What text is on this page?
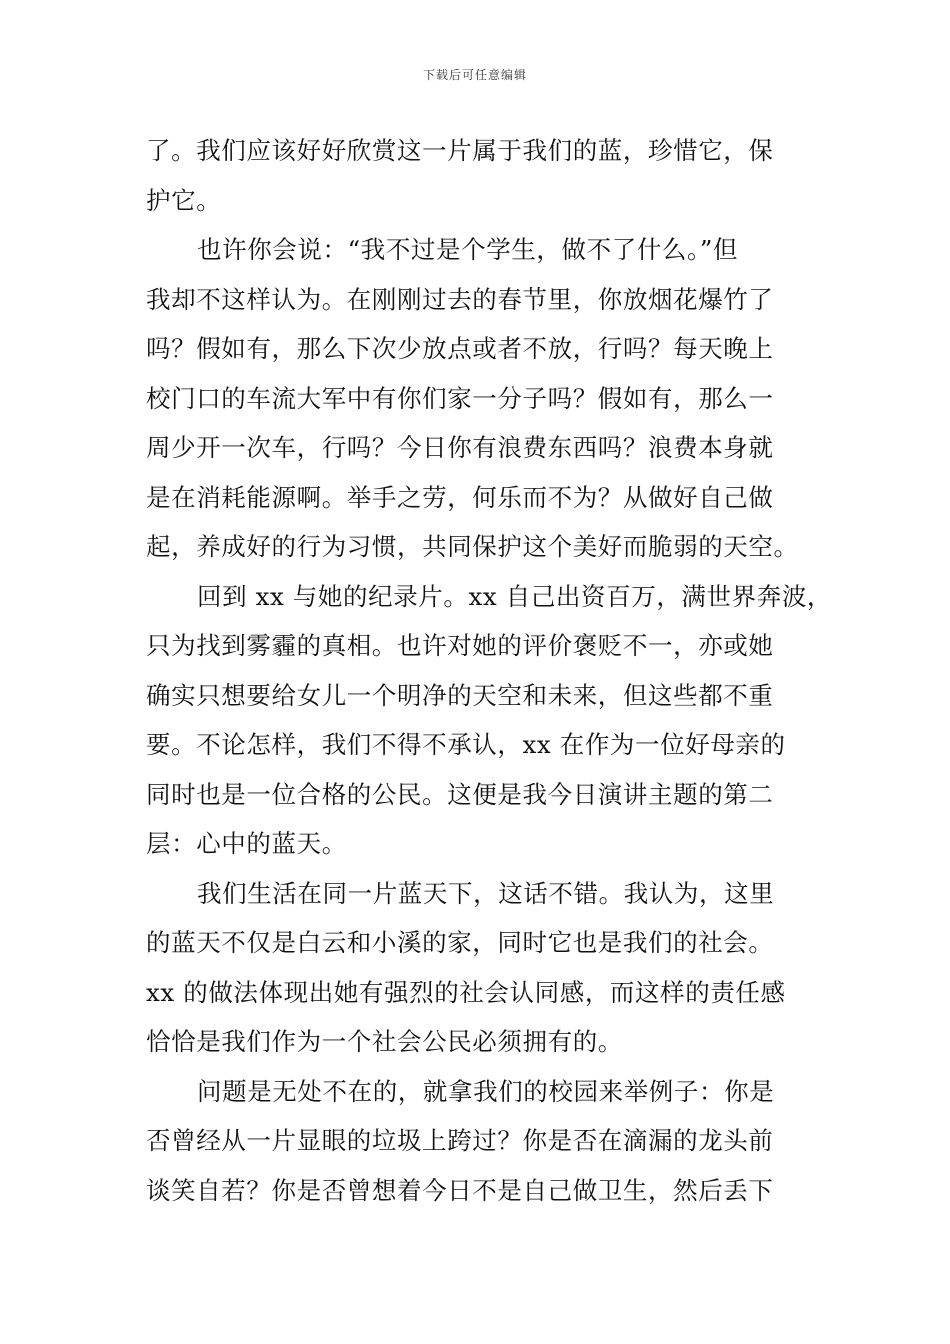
下载后可任意编辑
了。我们应该好好欣赏这一片属于我们的蓝，珍惜它，保
护它。
也许你会说：“我不过是个学生，做不了什么。”但
我却不这样认为。在刚刚过去的春节里，你放烟花爆竹了
吗？假如有，那么下次少放点或者不放，行吗？每天晚上
校门口的车流大军中有你们家一分子吗？假如有，那么一
周少开一次车，行吗？今日你有浪费东西吗？浪费本身就
是在消耗能源啊。举手之劳，何乐而不为？从做好自己做
起，养成好的行为习惯，共同保护这个美好而脆弱的天空。
回到 xx 与她的纪录片。xx 自己出资百万，满世界奔波，
只为找到雾霾的真相。也许对她的评价褒贬不一，亦或她
确实只想要给女儿一个明净的天空和未来，但这些都不重
要。不论怎样，我们不得不承认，xx 在作为一位好母亲的
同时也是一位合格的公民。这便是我今日演讲主题的第二
层：心中的蓝天。
我们生活在同一片蓝天下，这话不错。我认为，这里
的蓝天不仅是白云和小溪的家，同时它也是我们的社会。
xx 的做法体现出她有强烈的社会认同感，而这样的责任感
恰恰是我们作为一个社会公民必须拥有的。
问题是无处不在的，就拿我们的校园来举例子：你是
否曾经从一片显眼的垃圾上跨过？你是否在滴漏的龙头前
谈笑自若？你是否曾想着今日不是自己做卫生，然后丢下
